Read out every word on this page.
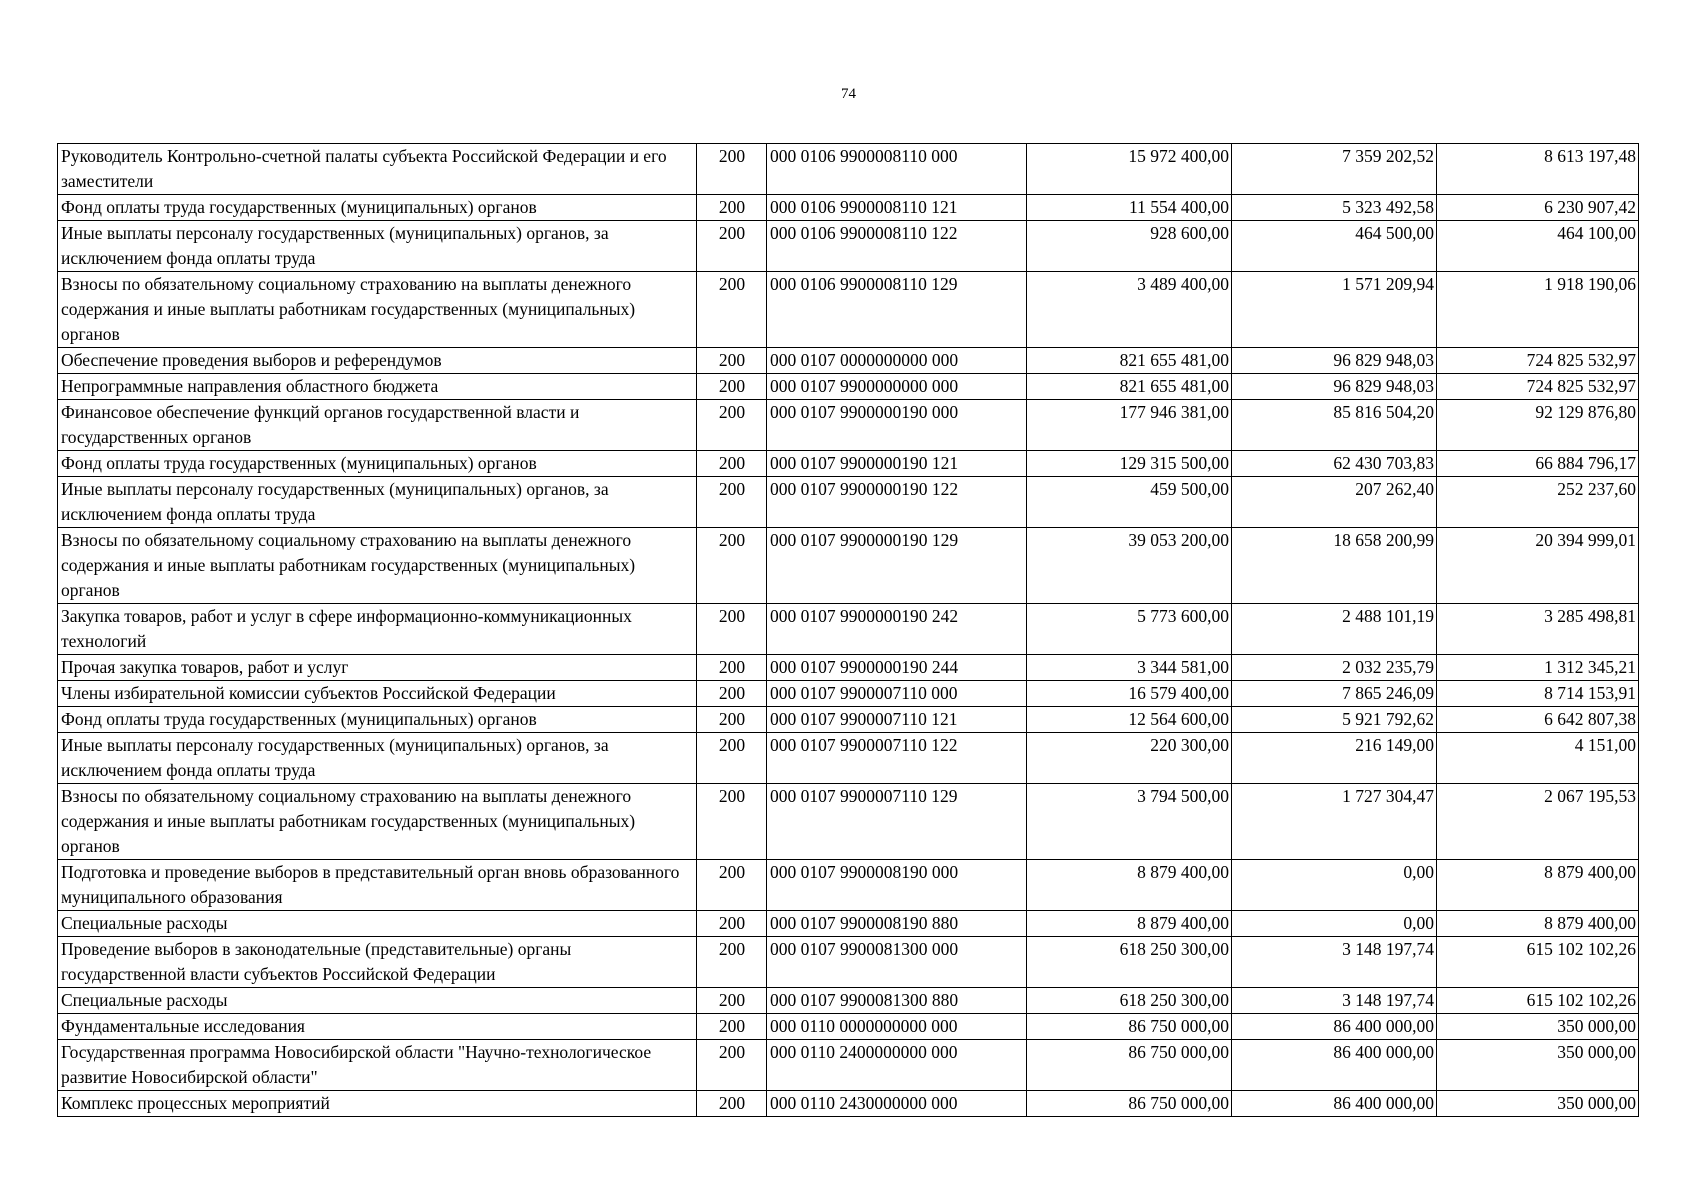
74
Руководитель Контрольно-счетной палаты субъекта Российской Федерации и его заместители	200	000 0106 9900008110 000	15 972 400,00	7 359 202,52	8 613 197,48
Фонд оплаты труда государственных (муниципальных) органов	200	000 0106 9900008110 121	11 554 400,00	5 323 492,58	6 230 907,42
Иные выплаты персоналу государственных (муниципальных) органов, за исключением фонда оплаты труда	200	000 0106 9900008110 122	928 600,00	464 500,00	464 100,00
Взносы по обязательному социальному страхованию на выплаты денежного содержания и иные выплаты работникам государственных (муниципальных) органов	200	000 0106 9900008110 129	3 489 400,00	1 571 209,94	1 918 190,06
Обеспечение проведения выборов и референдумов	200	000 0107 0000000000 000	821 655 481,00	96 829 948,03	724 825 532,97
Непрограммные направления областного бюджета	200	000 0107 9900000000 000	821 655 481,00	96 829 948,03	724 825 532,97
Финансовое обеспечение функций органов государственной власти и государственных органов	200	000 0107 9900000190 000	177 946 381,00	85 816 504,20	92 129 876,80
Фонд оплаты труда государственных (муниципальных) органов	200	000 0107 9900000190 121	129 315 500,00	62 430 703,83	66 884 796,17
Иные выплаты персоналу государственных (муниципальных) органов, за исключением фонда оплаты труда	200	000 0107 9900000190 122	459 500,00	207 262,40	252 237,60
Взносы по обязательному социальному страхованию на выплаты денежного содержания и иные выплаты работникам государственных (муниципальных) органов	200	000 0107 9900000190 129	39 053 200,00	18 658 200,99	20 394 999,01
Закупка товаров, работ и услуг в сфере информационно-коммуникационных технологий	200	000 0107 9900000190 242	5 773 600,00	2 488 101,19	3 285 498,81
Прочая закупка товаров, работ и услуг	200	000 0107 9900000190 244	3 344 581,00	2 032 235,79	1 312 345,21
Члены избирательной комиссии субъектов Российской Федерации	200	000 0107 9900007110 000	16 579 400,00	7 865 246,09	8 714 153,91
Фонд оплаты труда государственных (муниципальных) органов	200	000 0107 9900007110 121	12 564 600,00	5 921 792,62	6 642 807,38
Иные выплаты персоналу государственных (муниципальных) органов, за исключением фонда оплаты труда	200	000 0107 9900007110 122	220 300,00	216 149,00	4 151,00
Взносы по обязательному социальному страхованию на выплаты денежного содержания и иные выплаты работникам государственных (муниципальных) органов	200	000 0107 9900007110 129	3 794 500,00	1 727 304,47	2 067 195,53
Подготовка и проведение выборов в представительный орган вновь образованного муниципального образования	200	000 0107 9900008190 000	8 879 400,00	0,00	8 879 400,00
Специальные расходы	200	000 0107 9900008190 880	8 879 400,00	0,00	8 879 400,00
Проведение выборов в законодательные (представительные) органы государственной власти субъектов Российской Федерации	200	000 0107 9900081300 000	618 250 300,00	3 148 197,74	615 102 102,26
Специальные расходы	200	000 0107 9900081300 880	618 250 300,00	3 148 197,74	615 102 102,26
Фундаментальные исследования	200	000 0110 0000000000 000	86 750 000,00	86 400 000,00	350 000,00
Государственная программа Новосибирской области "Научно-технологическое развитие Новосибирской области"	200	000 0110 2400000000 000	86 750 000,00	86 400 000,00	350 000,00
Комплекс процессных мероприятий	200	000 0110 2430000000 000	86 750 000,00	86 400 000,00	350 000,00
